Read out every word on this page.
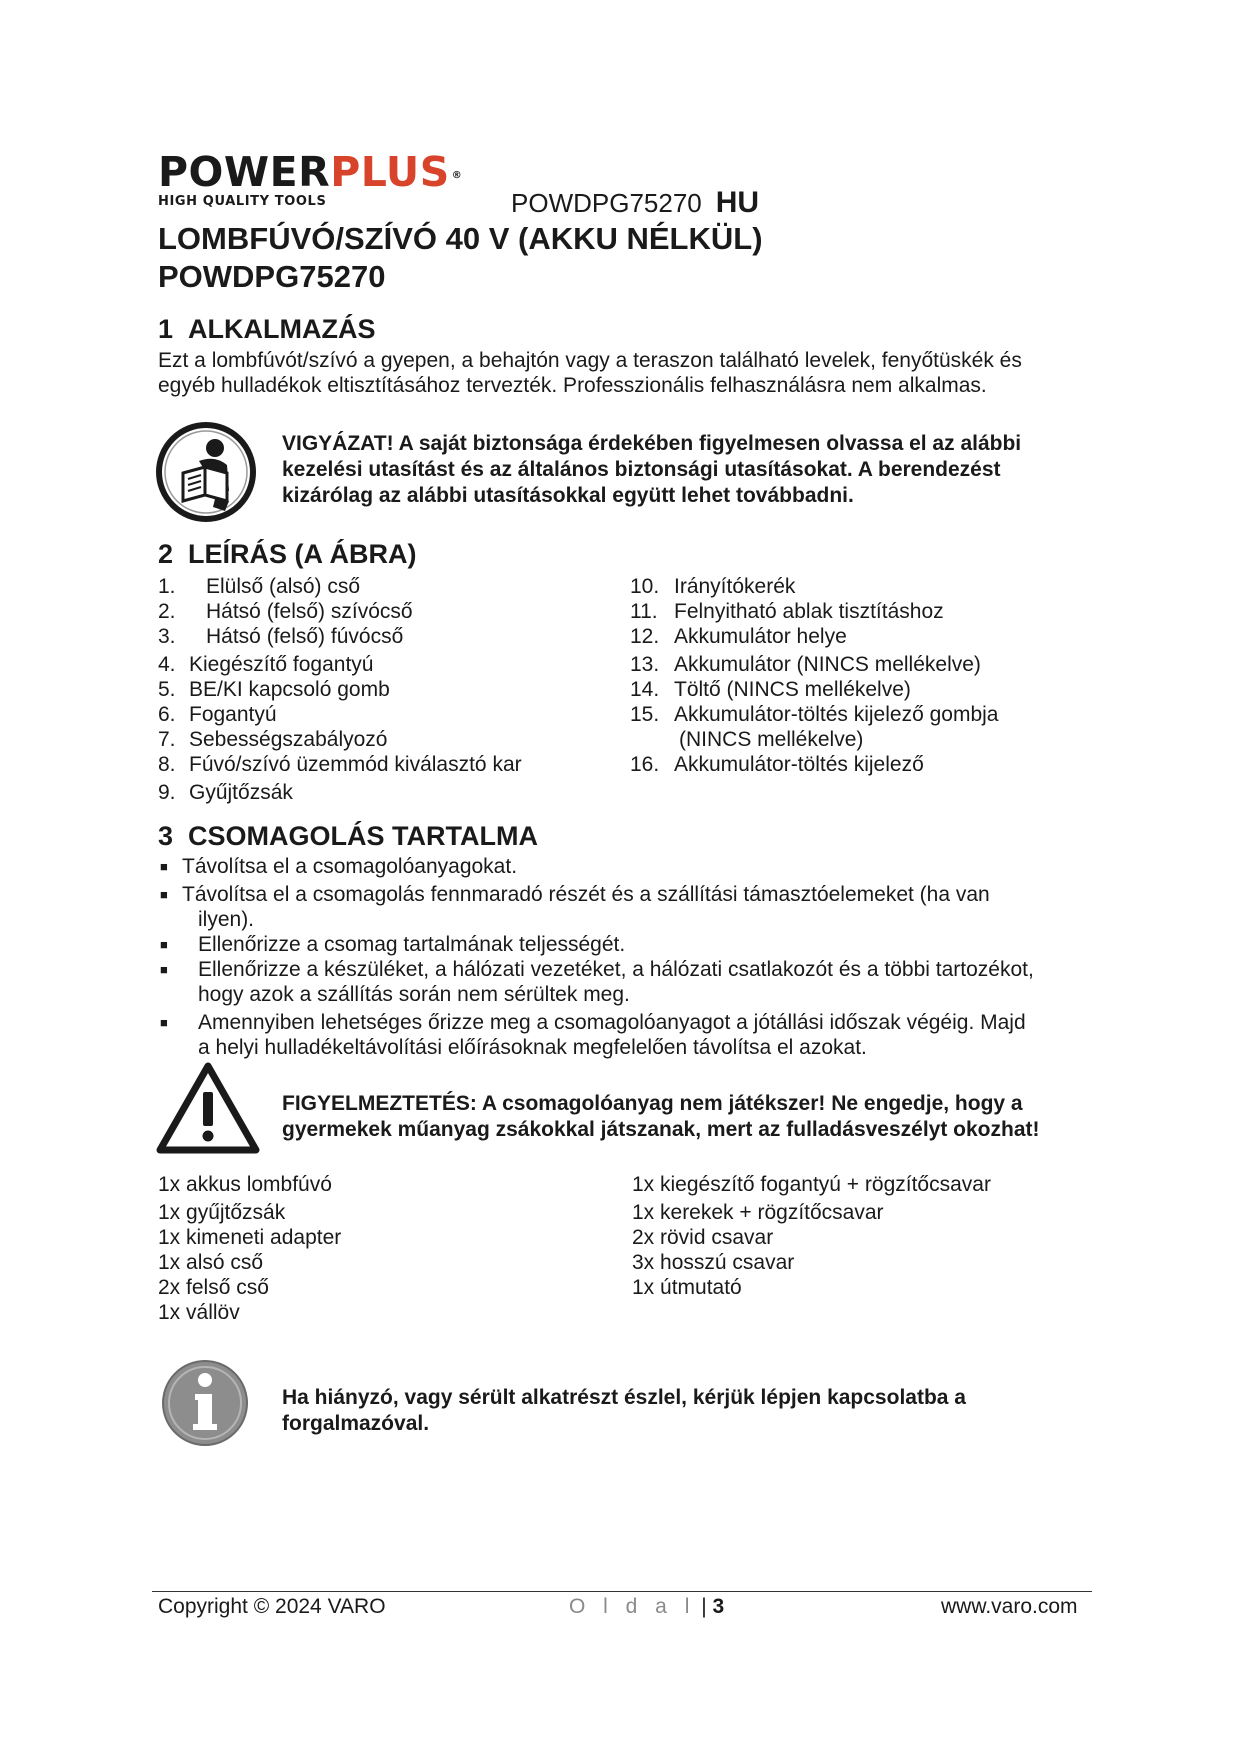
POWERPLUS ®
HIGH QUALITY TOOLS	POWDPG75270 HU
LOMBFÚVÓ/SZÍVÓ 40 V (AKKU NÉLKÜL)
POWDPG75270
1 ALKALMAZÁS
Ezt a lombfúvót/szívó a gyepen, a behajtón vagy a teraszon található levelek, fenyőtüskék és
egyéb hulladékok eltisztításához tervezték. Professzionális felhasználásra nem alkalmas.
VIGYÁZAT! A saját biztonsága érdekében figyelmesen olvassa el az alábbi
kezelési utasítást és az általános biztonsági utasításokat. A berendezést
kizárólag az alábbi utasításokkal együtt lehet továbbadni.
2 LEÍRÁS (A ÁBRA)
1. Elülső (alsó) cső
2. Hátsó (felső) szívócső
3. Hátsó (felső) fúvócső
4. Kiegészítő fogantyú
5. BE/KI kapcsoló gomb
6. Fogantyú
7. Sebességszabályozó
8. Fúvó/szívó üzemmód kiválasztó kar
9. Gyűjtőzsák
10. Irányítókerék
11. Felnyitható ablak tisztításhoz
12. Akkumulátor helye
13. Akkumulátor (NINCS mellékelve)
14. Töltő (NINCS mellékelve)
15. Akkumulátor-töltés kijelező gombja
(NINCS mellékelve)
16. Akkumulátor-töltés kijelező
3 CSOMAGOLÁS TARTALMA
■ Távolítsa el a csomagolóanyagokat.
■ Távolítsa el a csomagolás fennmaradó részét és a szállítási támasztóelemeket (ha van
ilyen).
■	Ellenőrizze a csomag tartalmának teljességét.
■	Ellenőrizze a készüléket, a hálózati vezetéket, a hálózati csatlakozót és a többi tartozékot,
hogy azok a szállítás során nem sérültek meg.
■	Amennyiben lehetséges őrizze meg a csomagolóanyagot a jótállási időszak végéig. Majd
a helyi hulladékeltávolítási előírásoknak megfelelően távolítsa el azokat.
FIGYELMEZTETÉS: A csomagolóanyag nem játékszer! Ne engedje, hogy a
gyermekek műanyag zsákokkal játszanak, mert az fulladásveszélyt okozhat!
1x akkus lombfúvó
1x gyűjtőzsák
1x kimeneti adapter
1x alsó cső
2x felső cső
1x vállöv
1x kiegészítő fogantyú + rögzítőcsavar
1x kerekek + rögzítőcsavar
2x rövid csavar
3x hosszú csavar
1x útmutató
Ha hiányzó, vagy sérült alkatrészt észlel, kérjük lépjen kapcsolatba a
forgalmazóval.
Copyright © 2024 VARO	O l d a l | 3	www.varo.com
